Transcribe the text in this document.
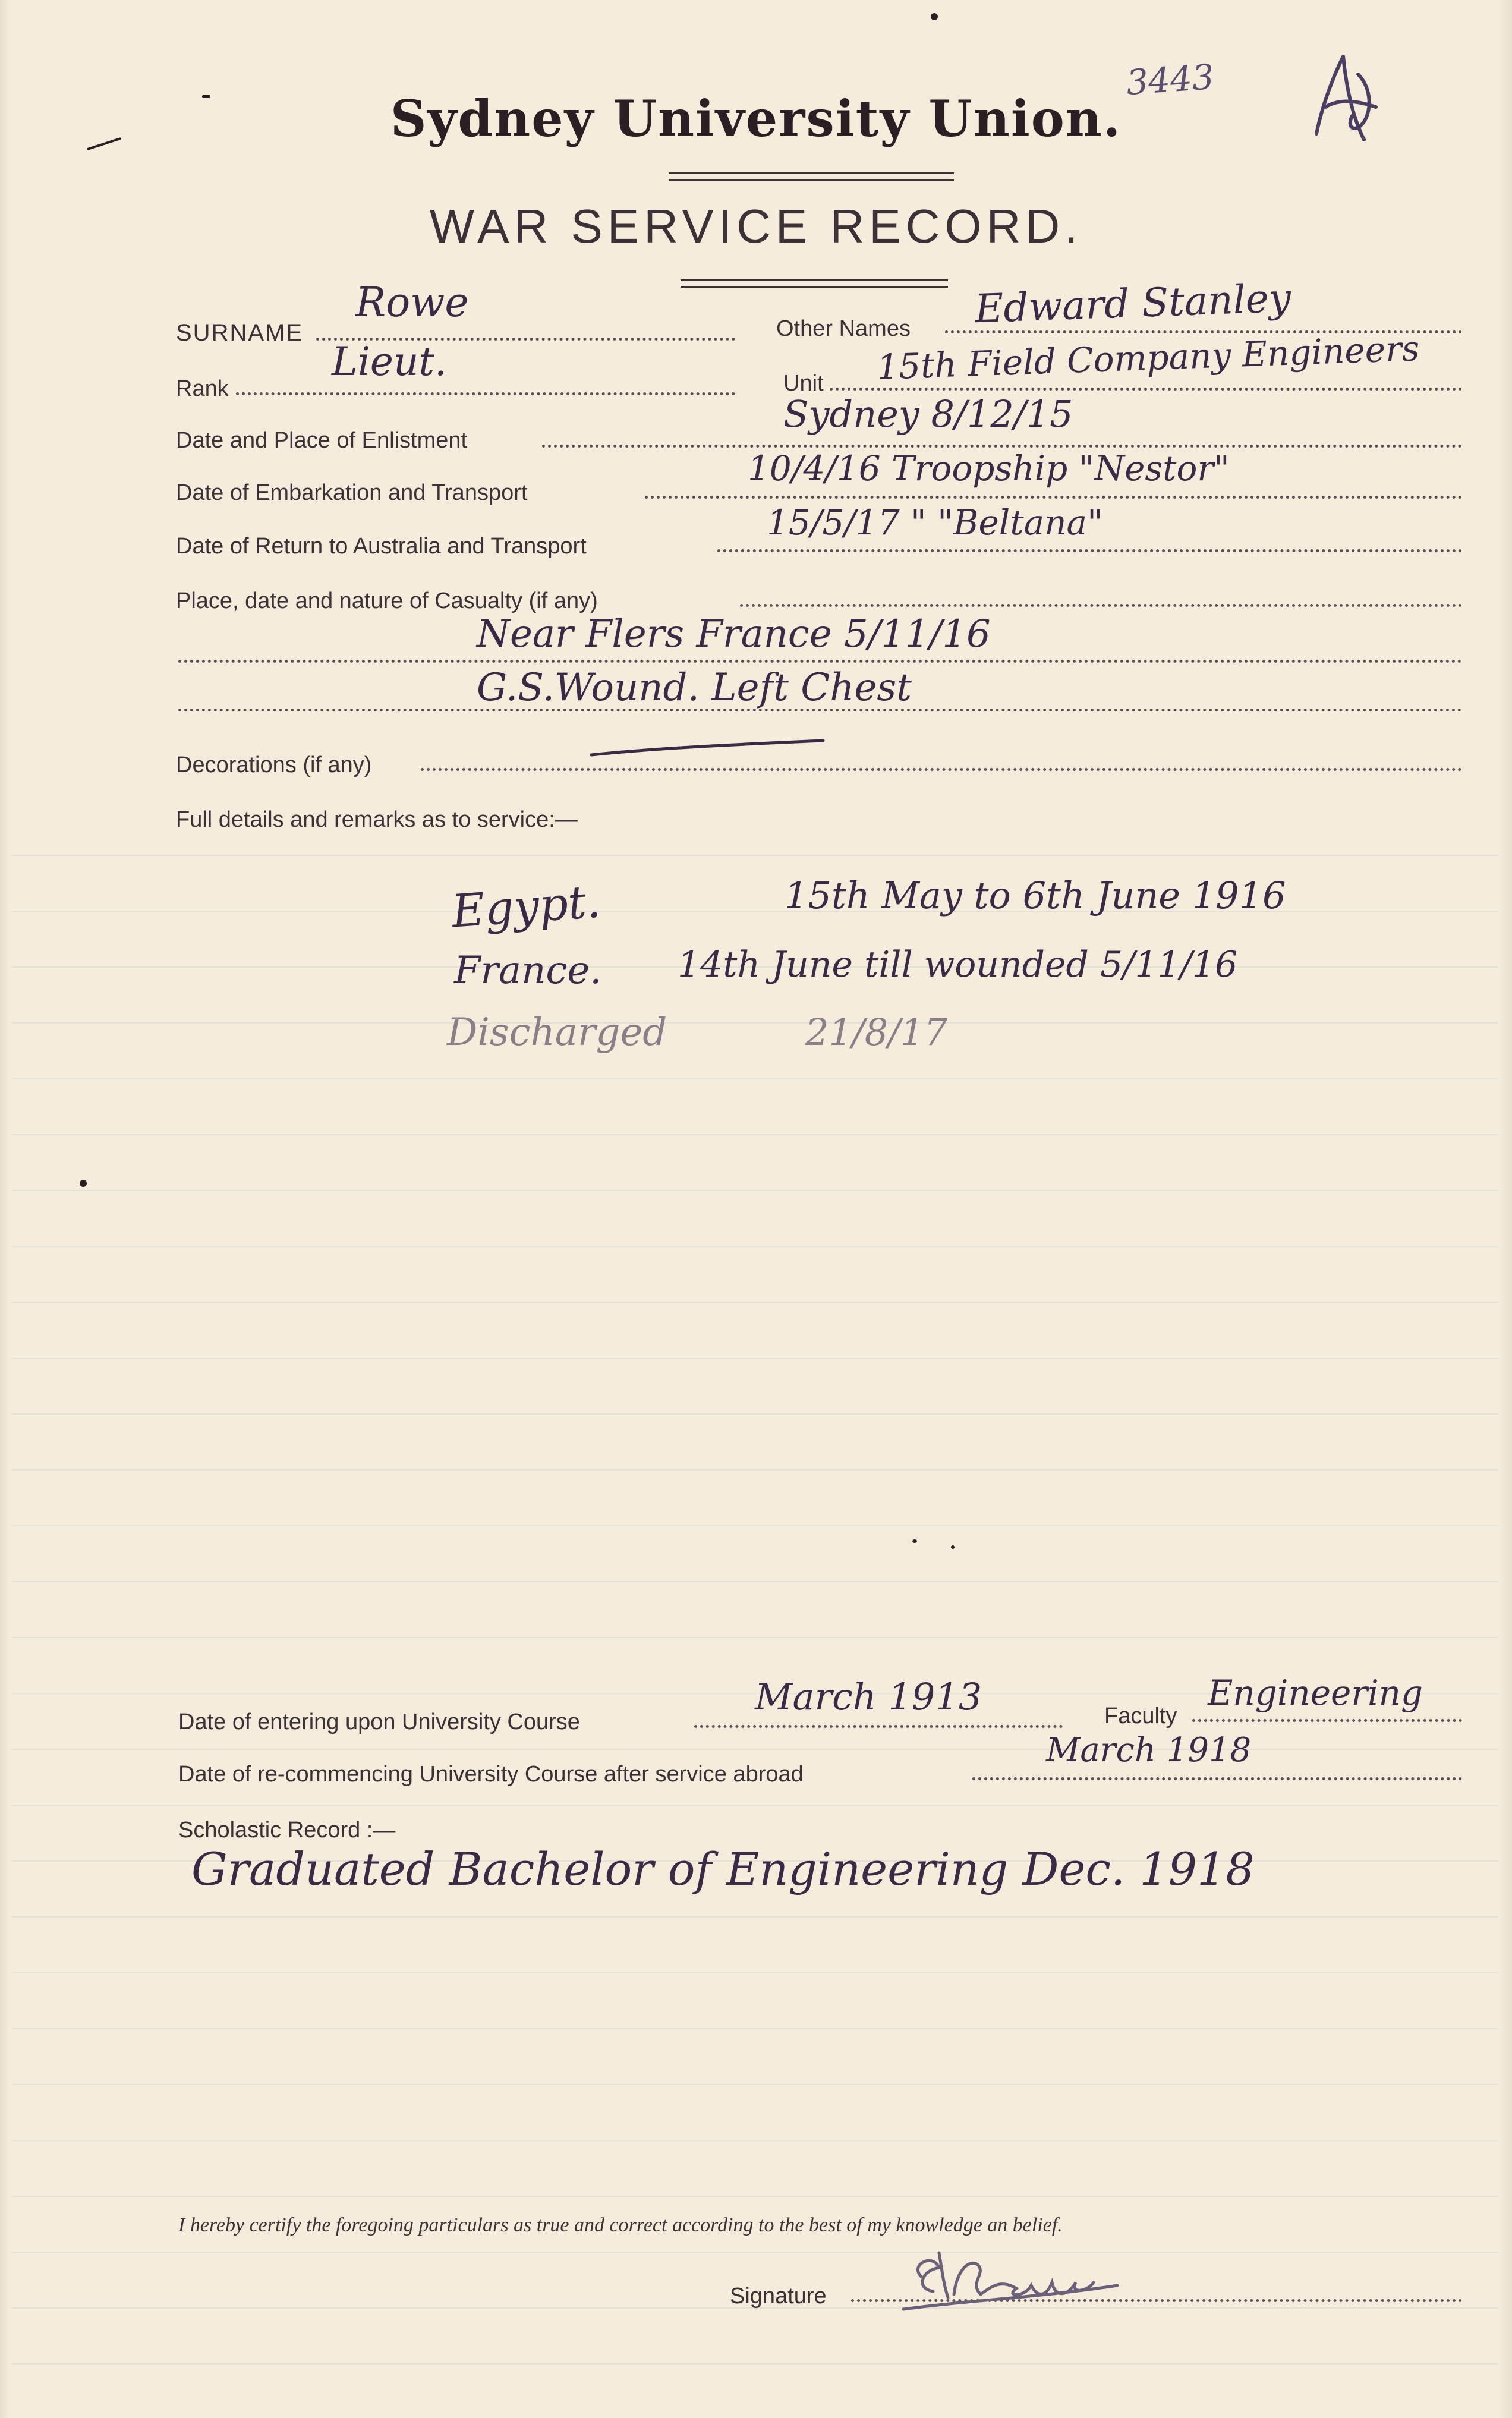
3443
Sydney University Union.
WAR SERVICE RECORD.
SURNAME
Rowe
Other Names Edward Stanley
Rank
Lieut.	Unit 15th Field Company Engineers
Date and Place of Enlistment
Sydney 8/12/15
Date of Embarkation and Transport
10/4/16 Troopship "Nestor"
Date of Return to Australia and Transport
15/5/17 " "Beltana"
Place, date and nature of Casualty (if any)
Near Flers France 5/11/16
G.S.Wound. Left Chest
Decorations (if any)
Full details and remarks as to service:—
Egypt.	15th May to 6th June 1916
France. 14th June till wounded 5/11/16
Discharged	21/8/17
Date of entering upon University Course
March 1913	Faculty
Engineering
Date of re-commencing University Course after service abroad
March 1918
Scholastic Record :—
Graduated Bachelor of Engineering Dec. 1918
I hereby certify the foregoing particulars as true and correct according to the best of my knowledge an belief.
Signature
